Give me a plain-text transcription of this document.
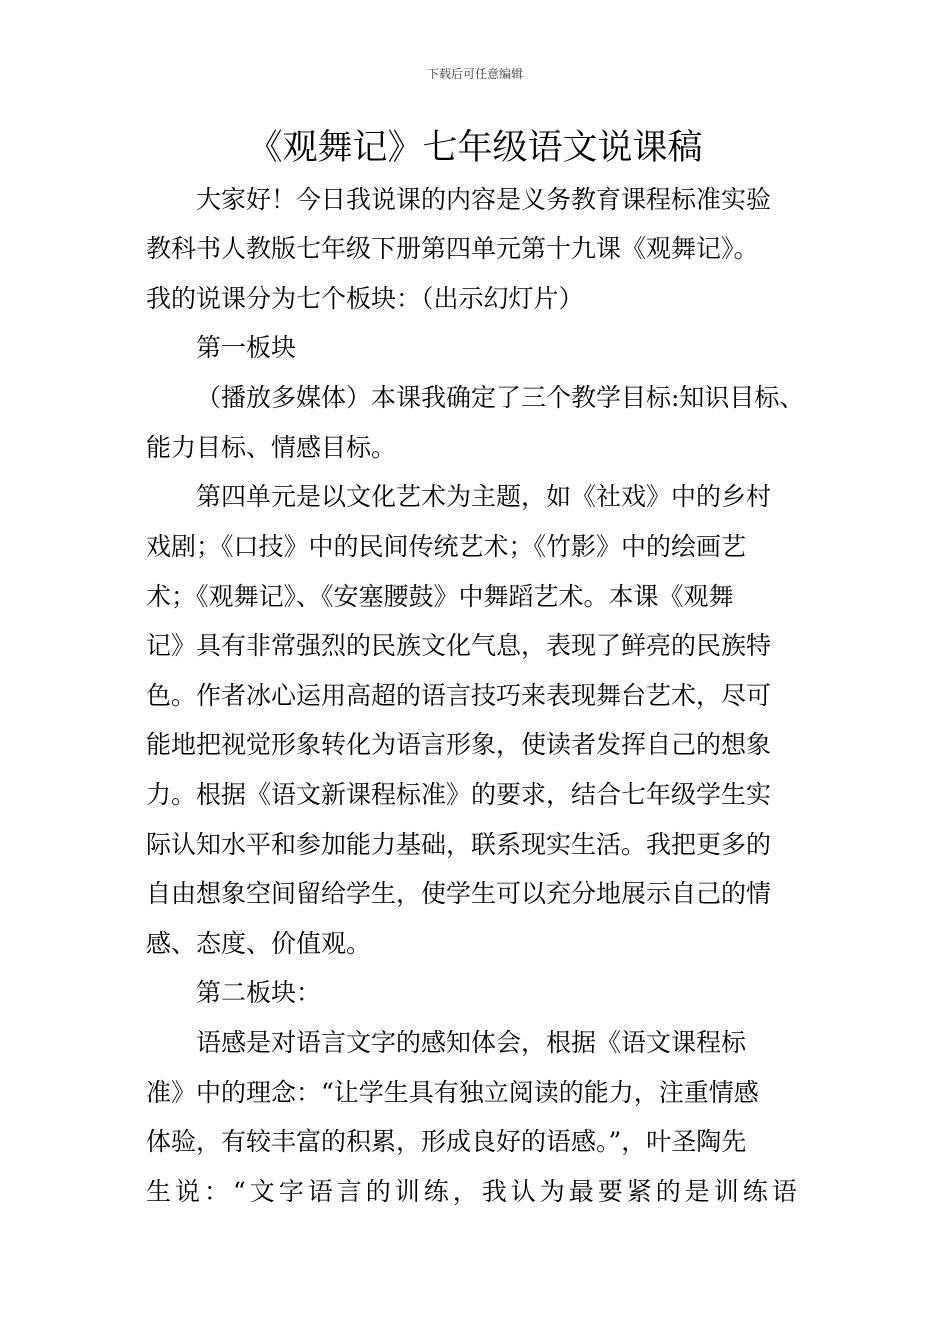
下载后可任意编辑
《观舞记》七年级语文说课稿
大家好！今日我说课的内容是义务教育课程标准实验
教科书人教版七年级下册第四单元第十九课《观舞记》。
我的说课分为七个板块：（出示幻灯片）
第一板块
（播放多媒体）本课我确定了三个教学目标:知识目标、
能力目标、情感目标。
第四单元是以文化艺术为主题，如《社戏》中的乡村
戏剧；《口技》中的民间传统艺术；《竹影》中的绘画艺
术；《观舞记》、《安塞腰鼓》中舞蹈艺术。本课《观舞
记》具有非常强烈的民族文化气息，表现了鲜亮的民族特
色。作者冰心运用高超的语言技巧来表现舞台艺术，尽可
能地把视觉形象转化为语言形象，使读者发挥自己的想象
力。根据《语文新课程标准》的要求，结合七年级学生实
际认知水平和参加能力基础，联系现实生活。我把更多的
自由想象空间留给学生，使学生可以充分地展示自己的情
感、态度、价值观。
第二板块：
语感是对语言文字的感知体会，根据《语文课程标
准》中的理念：“让学生具有独立阅读的能力，注重情感
体验，有较丰富的积累，形成良好的语感。”，叶圣陶先
生说：“文字语言的训练，我认为最要紧的是训练语
